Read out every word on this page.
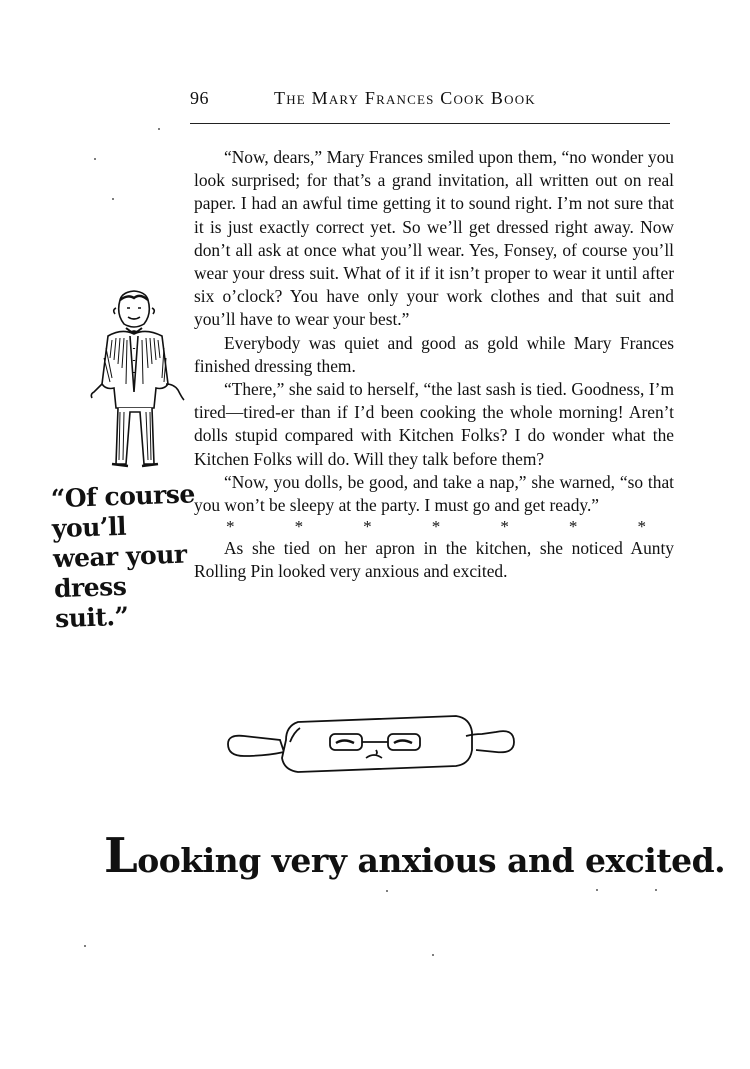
96	The Mary Frances Cook Book

“Now, dears,” Mary Frances smiled upon them, “no wonder you look surprised; for that’s a grand invitation, all written out on real paper. I had an awful time getting it to sound right. I’m not sure that it is just exactly correct yet. So we’ll get dressed right away. Now don’t all ask at once what you’ll wear. Yes, Fonsey, of course you’ll wear your dress suit. What of it if it isn’t proper to wear it until after six o’clock? You have only your work clothes and that suit and you’ll have to wear your best.”

Everybody was quiet and good as gold while Mary Frances finished dressing them.

“There,” she said to herself, “the last sash is tied. Goodness, I’m tired—tired-er than if I’d been cooking the whole morning! Aren’t dolls stupid compared with Kitchen Folks? I do wonder what the Kitchen Folks will do. Will they talk before them?

“Now, you dolls, be good, and take a nap,” she warned, “so that you won’t be sleepy at the party. I must go and get ready.”

*	*	*	*	*	*	*

As she tied on her apron in the kitchen, she noticed Aunty Rolling Pin looked very anxious and excited.

“Of course
you’ll
wear your
dress
suit.”
Looking very anxious and excited.
